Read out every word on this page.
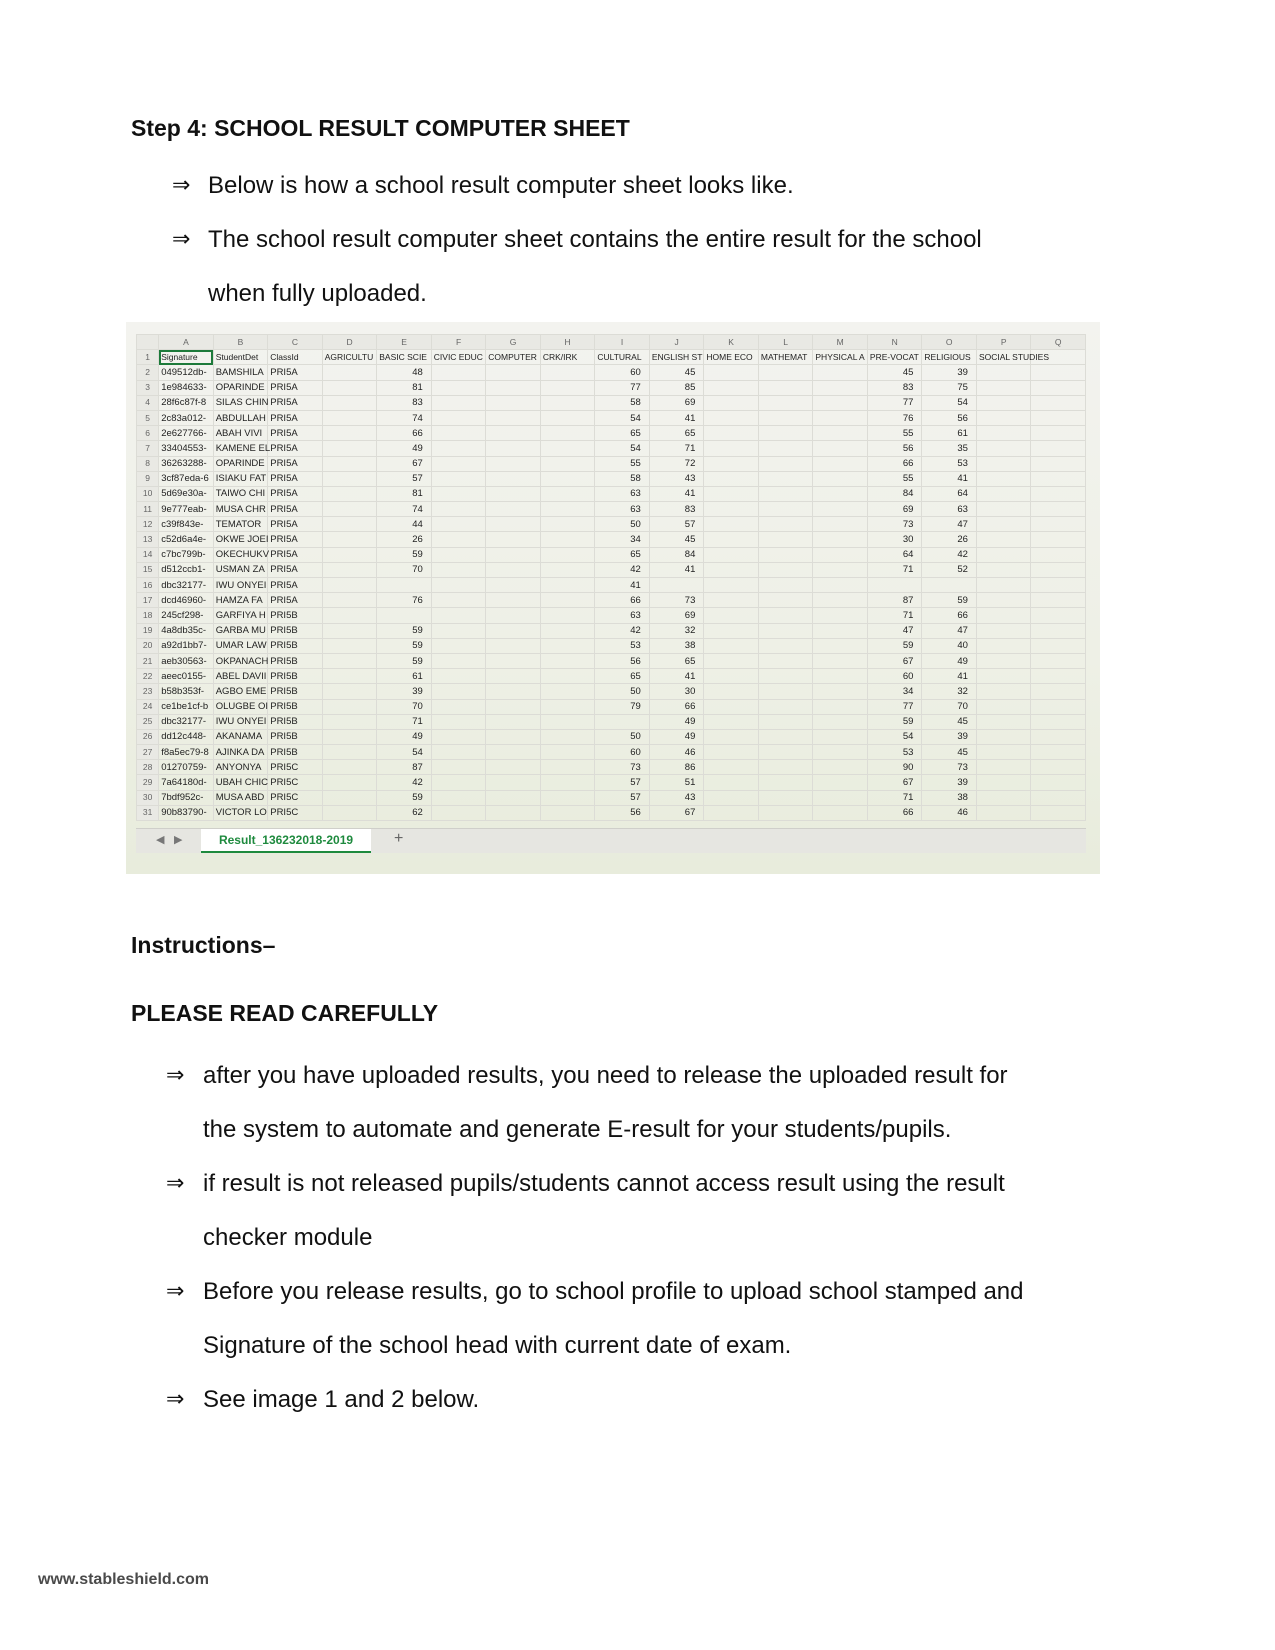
Step 4: SCHOOL RESULT COMPUTER SHEET
⇒ Below is how a school result computer sheet looks like.
⇒ The school result computer sheet contains the entire result for the school
when fully uploaded.
	A	B	C	D	E	F	G	H	I	J	K	L	M	N	O	P	Q
1	Signature	StudentDet	ClassId	AGRICULTU	BASIC SCIE	CIVIC EDUC	COMPUTER	CRK/IRK	CULTURAL	ENGLISH ST	HOME ECO	MATHEMAT	PHYSICAL A	PRE-VOCAT	RELIGIOUS	SOCIAL STUDIES	
2	049512db-	BAMSHILA	PRI5A		48				60	45				45	39		
3	1e984633-	OPARINDE	PRI5A		81				77	85				83	75		
4	28f6c87f-8	SILAS CHIN	PRI5A		83				58	69				77	54		
5	2c83a012-	ABDULLAH	PRI5A		74				54	41				76	56		
6	2e627766-	ABAH VIVI	PRI5A		66				65	65				55	61		
7	33404553-	KAMENE EL	PRI5A		49				54	71				56	35		
8	36263288-	OPARINDE	PRI5A		67				55	72				66	53		
9	3cf87eda-6	ISIAKU FAT	PRI5A		57				58	43				55	41		
10	5d69e30a-	TAIWO CHI	PRI5A		81				63	41				84	64		
11	9e777eab-	MUSA CHR	PRI5A		74				63	83				69	63		
12	c39f843e-	TEMATOR	PRI5A		44				50	57				73	47		
13	c52d6a4e-	OKWE JOEI	PRI5A		26				34	45				30	26		
14	c7bc799b-	OKECHUKV	PRI5A		59				65	84				64	42		
15	d512ccb1-	USMAN ZA	PRI5A		70				42	41				71	52		
16	dbc32177-	IWU ONYEI	PRI5A						41								
17	dcd46960-	HAMZA FA	PRI5A		76				66	73				87	59		
18	245cf298-	GARFIYA H	PRI5B						63	69				71	66		
19	4a8db35c-	GARBA MU	PRI5B		59				42	32				47	47		
20	a92d1bb7-	UMAR LAW	PRI5B		59				53	38				59	40		
21	aeb30563-	OKPANACH	PRI5B		59				56	65				67	49		
22	aeec0155-	ABEL DAVII	PRI5B		61				65	41				60	41		
23	b58b353f-	AGBO EME	PRI5B		39				50	30				34	32		
24	ce1be1cf-b	OLUGBE OI	PRI5B		70				79	66				77	70		
25	dbc32177-	IWU ONYEI	PRI5B		71					49				59	45		
26	dd12c448-	AKANAMA	PRI5B		49				50	49				54	39		
27	f8a5ec79-8	AJINKA DA	PRI5B		54				60	46				53	45		
28	01270759-	ANYONYA	PRI5C		87				73	86				90	73		
29	7a64180d-	UBAH CHIC	PRI5C		42				57	51				67	39		
30	7bdf952c-	MUSA ABD	PRI5C		59				57	43				71	38		
31	90b83790-	VICTOR LO	PRI5C		62				56	67				66	46		
◀ ▶	Result_136232018-2019	+
Instructions–
PLEASE READ CAREFULLY
⇒ after you have uploaded results, you need to release the uploaded result for
the system to automate and generate E-result for your students/pupils.
⇒ if result is not released pupils/students cannot access result using the result
checker module
⇒ Before you release results, go to school profile to upload school stamped and
Signature of the school head with current date of exam.
⇒ See image 1 and 2 below.
www.stableshield.com
